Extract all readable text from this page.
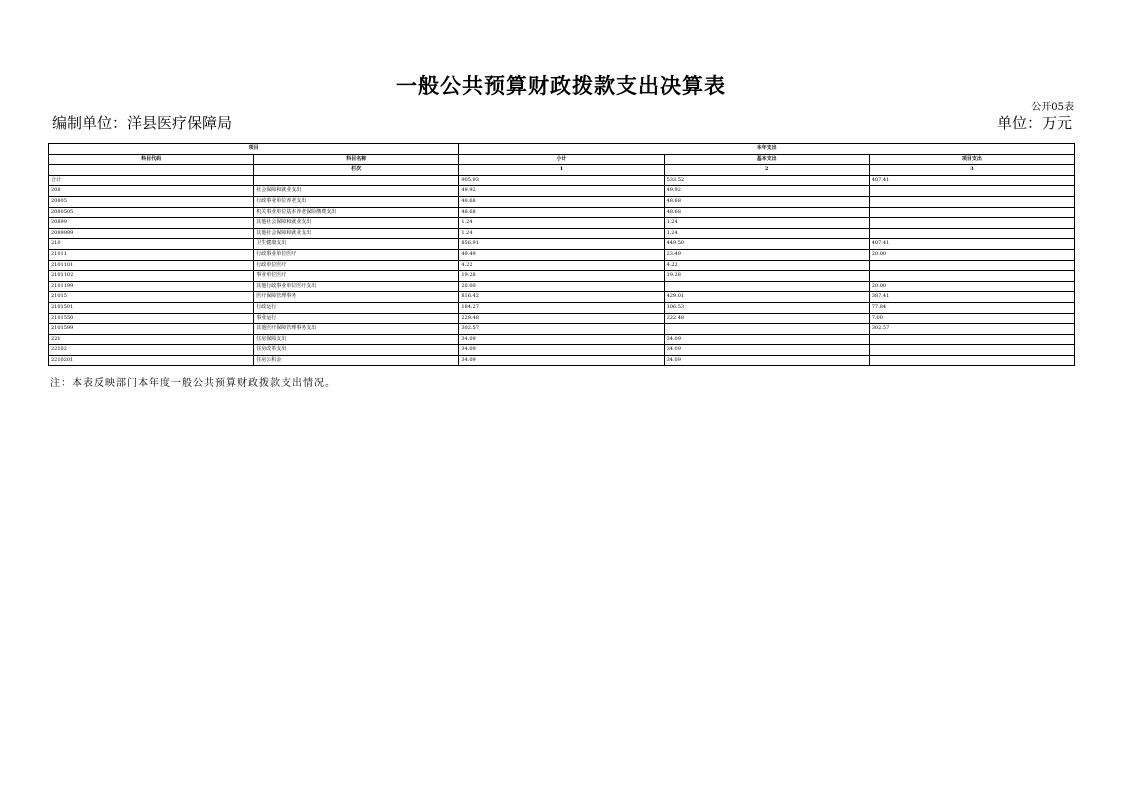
一般公共预算财政拨款支出决算表
公开05表
编制单位：洋县医疗保障局	单位：万元
项目		本年支出		
科目代码	科目名称	小计	基本支出	项目支出
	栏次	1	2	3
合计		905.93	533.52	407.41
208	社会保障和就业支出	49.92	49.92	
20805	行政事业单位养老支出	48.68	48.68	
2080505	机关事业单位基本养老保险缴费支出	48.68	48.68	
20899	其他社会保障和就业支出	1.24	1.24	
2089999	其他社会保障和就业支出	1.24	1.24	
210	卫生健康支出	856.91	449.50	407.41
21011	行政事业单位医疗	49.49	23.49	20.00
2101101	行政单位医疗	4.22	4.22	
2101102	事业单位医疗	19.28	19.28	
2101199	其他行政事业单位医疗支出	20.00		20.00
21015	医疗保障管理事务	816.42	429.01	387.41
2101501	行政运行	184.27	106.53	77.84
2101550	事业运行	229.48	222.48	7.00
2101599	其他医疗保障管理事务支出	302.57		302.57
221	住房保障支出	34.09	34.09	
22102	住房改革支出	34.09	34.09	
2210201	住房公积金	34.09	34.09	
注：本表反映部门本年度一般公共预算财政拨款支出情况。
